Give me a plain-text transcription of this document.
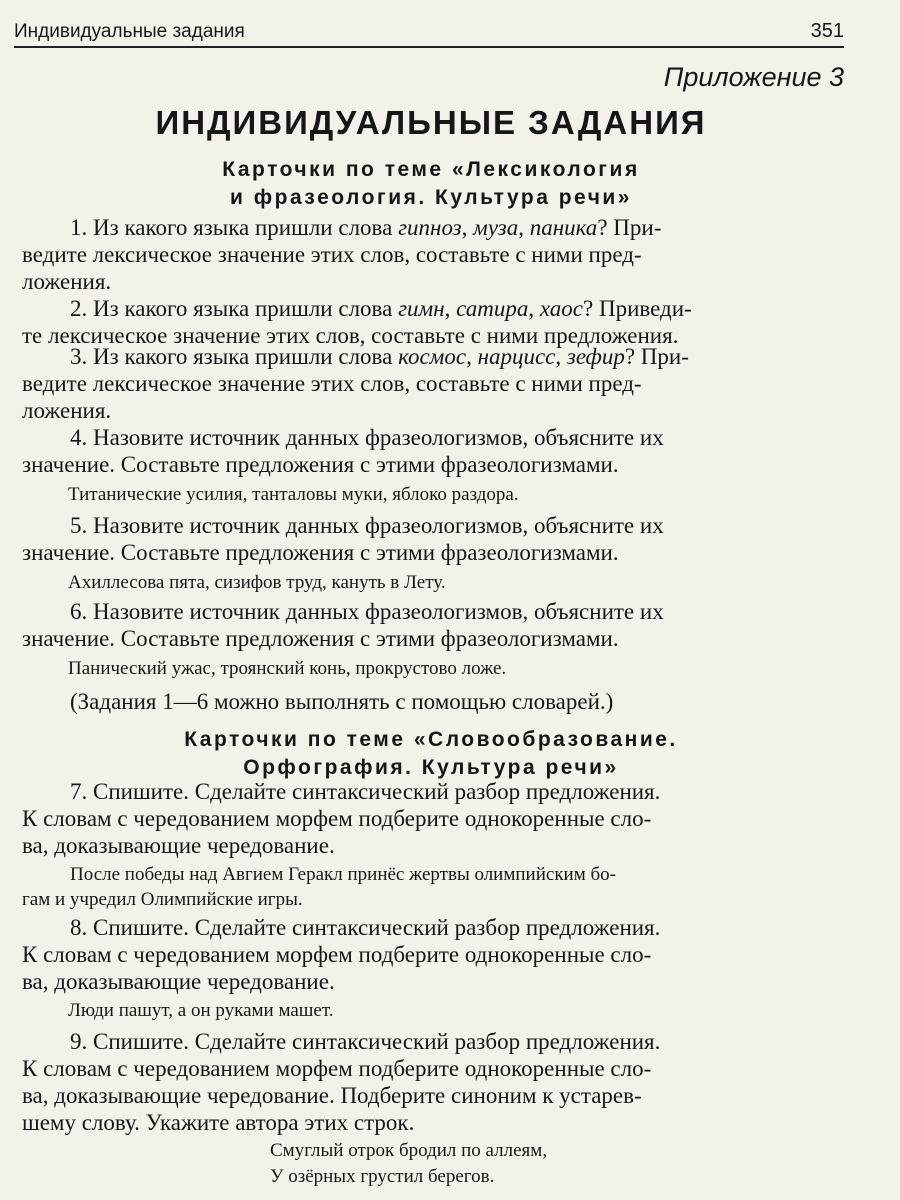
Индивидуальные задания	351
Приложение 3
ИНДИВИДУАЛЬНЫЕ ЗАДАНИЯ
Карточки по теме «Лексикология
и фразеология. Культура речи»
1. Из какого языка пришли слова гипноз, муза, паника? При-
ведите лексическое значение этих слов, составьте с ними пред-
ложения.
2. Из какого языка пришли слова гимн, сатира, хаос? Приведи-
те лексическое значение этих слов, составьте с ними предложения.
3. Из какого языка пришли слова космос, нарцисс, зефир? При-
ведите лексическое значение этих слов, составьте с ними пред-
ложения.
4. Назовите источник данных фразеологизмов, объясните их
значение. Составьте предложения с этими фразеологизмами.
Титанические усилия, танталовы муки, яблоко раздора.
5. Назовите источник данных фразеологизмов, объясните их
значение. Составьте предложения с этими фразеологизмами.
Ахиллесова пята, сизифов труд, кануть в Лету.
6. Назовите источник данных фразеологизмов, объясните их
значение. Составьте предложения с этими фразеологизмами.
Панический ужас, троянский конь, прокрустово ложе.
(Задания 1—6 можно выполнять с помощью словарей.)
Карточки по теме «Словообразование.
Орфография. Культура речи»
7. Спишите. Сделайте синтаксический разбор предложения.
К словам с чередованием морфем подберите однокоренные сло-
ва, доказывающие чередование.
После победы над Авгием Геракл принёс жертвы олимпийским бо-
гам и учредил Олимпийские игры.
8. Спишите. Сделайте синтаксический разбор предложения.
К словам с чередованием морфем подберите однокоренные сло-
ва, доказывающие чередование.
Люди пашут, а он руками машет.
9. Спишите. Сделайте синтаксический разбор предложения.
К словам с чередованием морфем подберите однокоренные сло-
ва, доказывающие чередование. Подберите синоним к устарев-
шему слову. Укажите автора этих строк.
Смуглый отрок бродил по аллеям,
У озёрных грустил берегов.
